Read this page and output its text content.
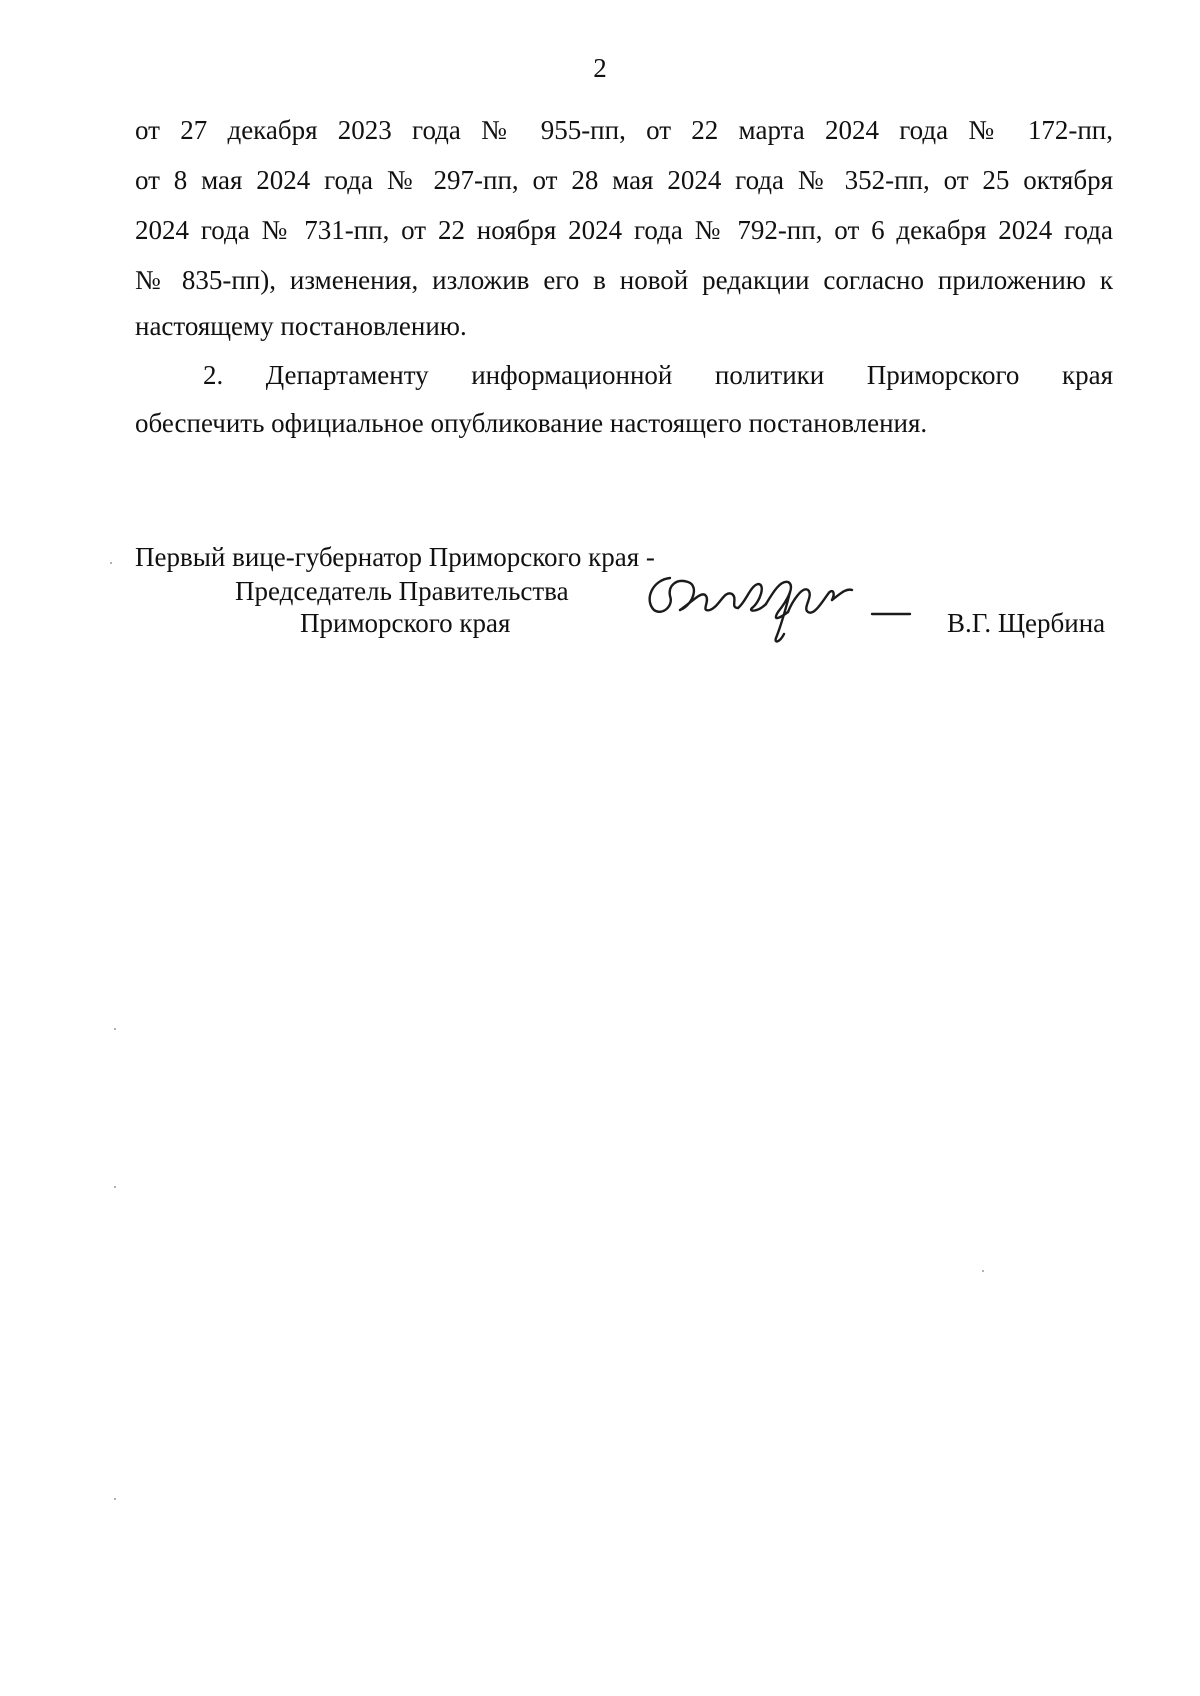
2
от 27 декабря 2023 года № 955-пп, от 22 марта 2024 года № 172-пп,
от 8 мая 2024 года № 297-пп, от 28 мая 2024 года № 352-пп, от 25 октября
2024 года № 731-пп, от 22 ноября 2024 года № 792-пп, от 6 декабря 2024 года
№ 835-пп), изменения, изложив его в новой редакции согласно приложению к
настоящему постановлению.
2. Департаменту информационной политики Приморского края
обеспечить официальное опубликование настоящего постановления.
Первый вице-губернатор Приморского края -
Председатель Правительства
Приморского края	В.Г. Щербина
